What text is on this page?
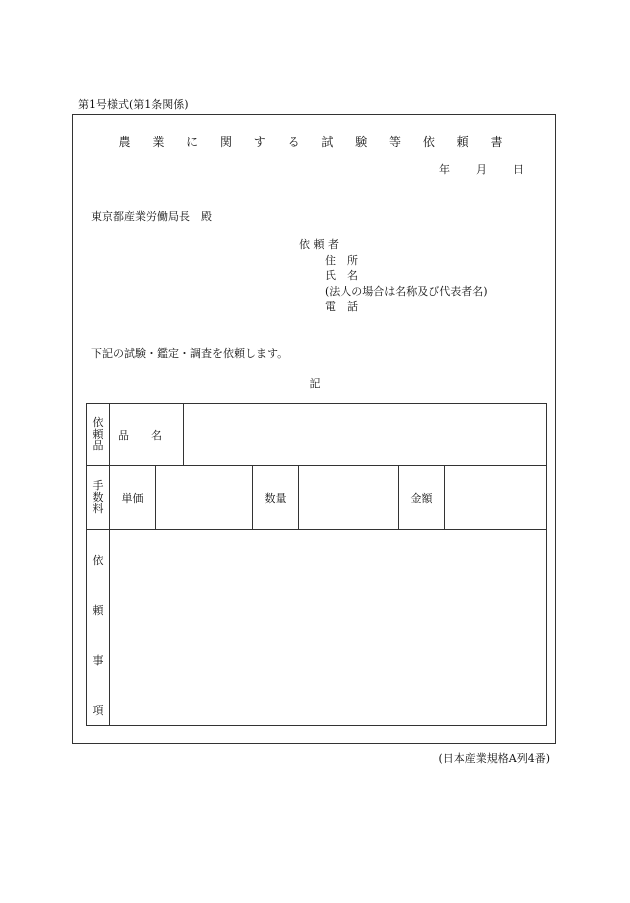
第1号様式(第1条関係)
農 業 に 関 す る 試 験 等 依 頼 書
年 月 日
東京都産業労働局長　殿
依 頼 者
住　所
氏　名
(法人の場合は名称及び代表者名)
電　話
下記の試験・鑑定・調査を依頼します。
記
依
頼
品	品　　名						

手
数
料	単価			数量		金額	

依
頼
事
項							

(日本産業規格A列4番)
